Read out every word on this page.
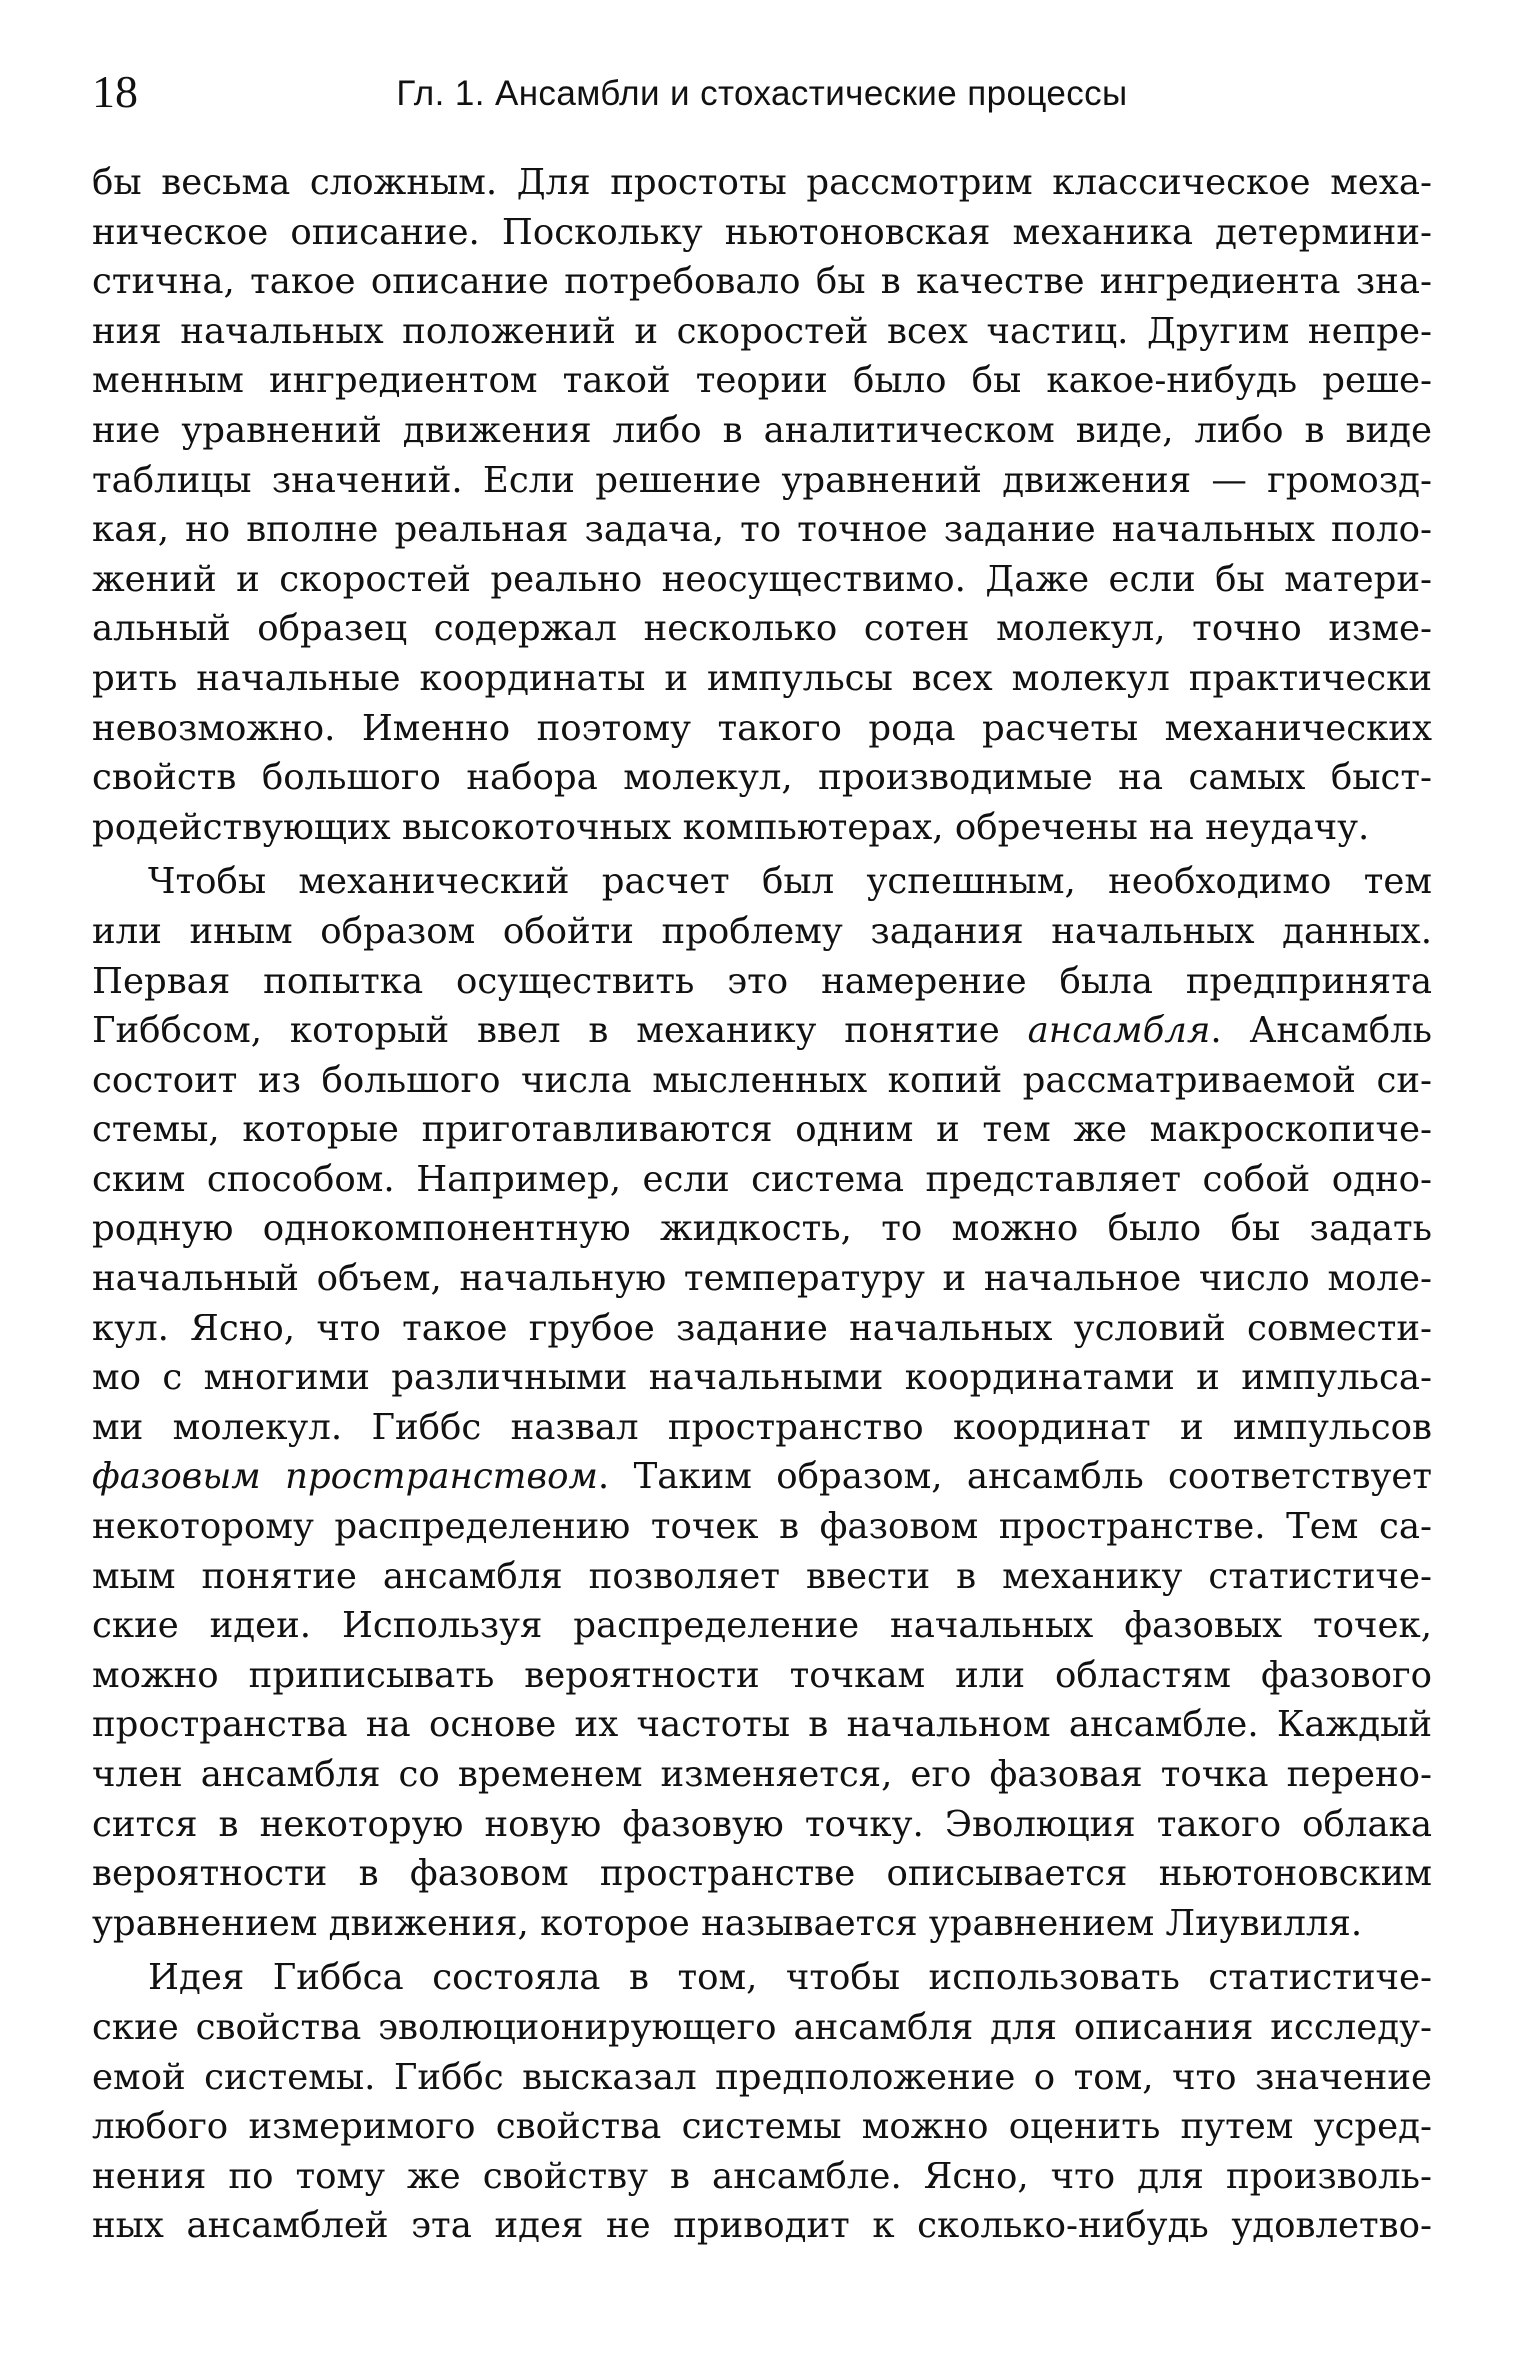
18	Гл. 1. Ансамбли и стохастические процессы
бы весьма сложным. Для простоты рассмотрим классическое меха-
ническое описание. Поскольку ньютоновская механика детермини-
стична, такое описание потребовало бы в качестве ингредиента зна-
ния начальных положений и скоростей всех частиц. Другим непре-
менным ингредиентом такой теории было бы какое-нибудь реше-
ние уравнений движения либо в аналитическом виде, либо в виде
таблицы значений. Если решение уравнений движения — громозд-
кая, но вполне реальная задача, то точное задание начальных поло-
жений и скоростей реально неосуществимо. Даже если бы матери-
альный образец содержал несколько сотен молекул, точно изме-
рить начальные координаты и импульсы всех молекул практически
невозможно. Именно поэтому такого рода расчеты механических
свойств большого набора молекул, производимые на самых быст-
родействующих высокоточных компьютерах, обречены на неудачу.
Чтобы механический расчет был успешным, необходимо тем
или иным образом обойти проблему задания начальных данных.
Первая попытка осуществить это намерение была предпринята
Гиббсом, который ввел в механику понятие ансамбля. Ансамбль
состоит из большого числа мысленных копий рассматриваемой си-
стемы, которые приготавливаются одним и тем же макроскопиче-
ским способом. Например, если система представляет собой одно-
родную однокомпонентную жидкость, то можно было бы задать
начальный объем, начальную температуру и начальное число моле-
кул. Ясно, что такое грубое задание начальных условий совмести-
мо с многими различными начальными координатами и импульса-
ми молекул. Гиббс назвал пространство координат и импульсов
фазовым пространством. Таким образом, ансамбль соответствует
некоторому распределению точек в фазовом пространстве. Тем са-
мым понятие ансамбля позволяет ввести в механику статистиче-
ские идеи. Используя распределение начальных фазовых точек,
можно приписывать вероятности точкам или областям фазового
пространства на основе их частоты в начальном ансамбле. Каждый
член ансамбля со временем изменяется, его фазовая точка перено-
сится в некоторую новую фазовую точку. Эволюция такого облака
вероятности в фазовом пространстве описывается ньютоновским
уравнением движения, которое называется уравнением Лиувилля.
Идея Гиббса состояла в том, чтобы использовать статистиче-
ские свойства эволюционирующего ансамбля для описания исследу-
емой системы. Гиббс высказал предположение о том, что значение
любого измеримого свойства системы можно оценить путем усред-
нения по тому же свойству в ансамбле. Ясно, что для произволь-
ных ансамблей эта идея не приводит к сколько-нибудь удовлетво-
